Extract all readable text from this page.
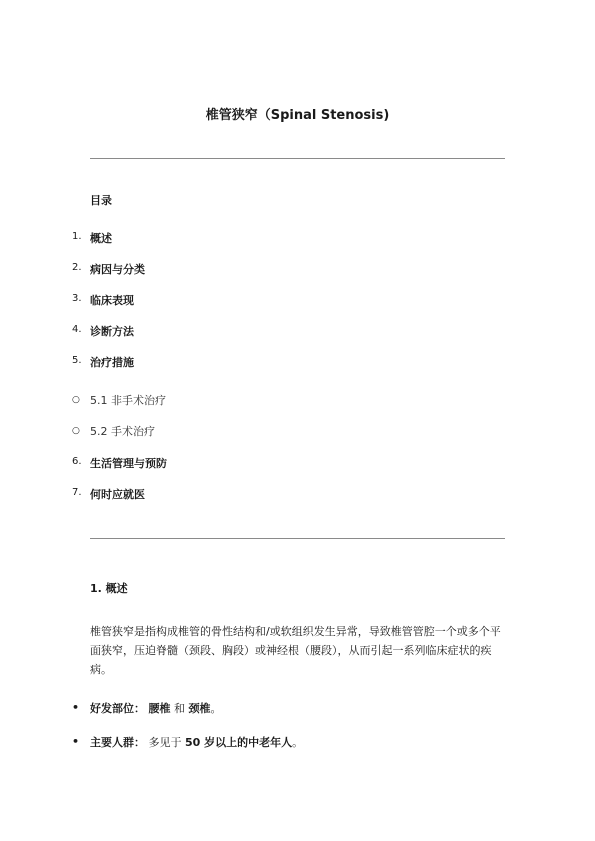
椎管狭窄（Spinal Stenosis)
目录
1. 概述
2. 病因与分类
3. 临床表现
4. 诊断方法
5. 治疗措施
○ 5.1 非手术治疗
○ 5.2 手术治疗
6. 生活管理与预防
7. 何时应就医
1. 概述
椎管狭窄是指构成椎管的骨性结构和/或软组织发生异常，导致椎管管腔一个或多个平面狭窄，压迫脊髓（颈段、胸段）或神经根（腰段），从而引起一系列临床症状的疾病。
• 好发部位： 腰椎 和 颈椎。
• 主要人群： 多见于 50 岁以上的中老年人。
